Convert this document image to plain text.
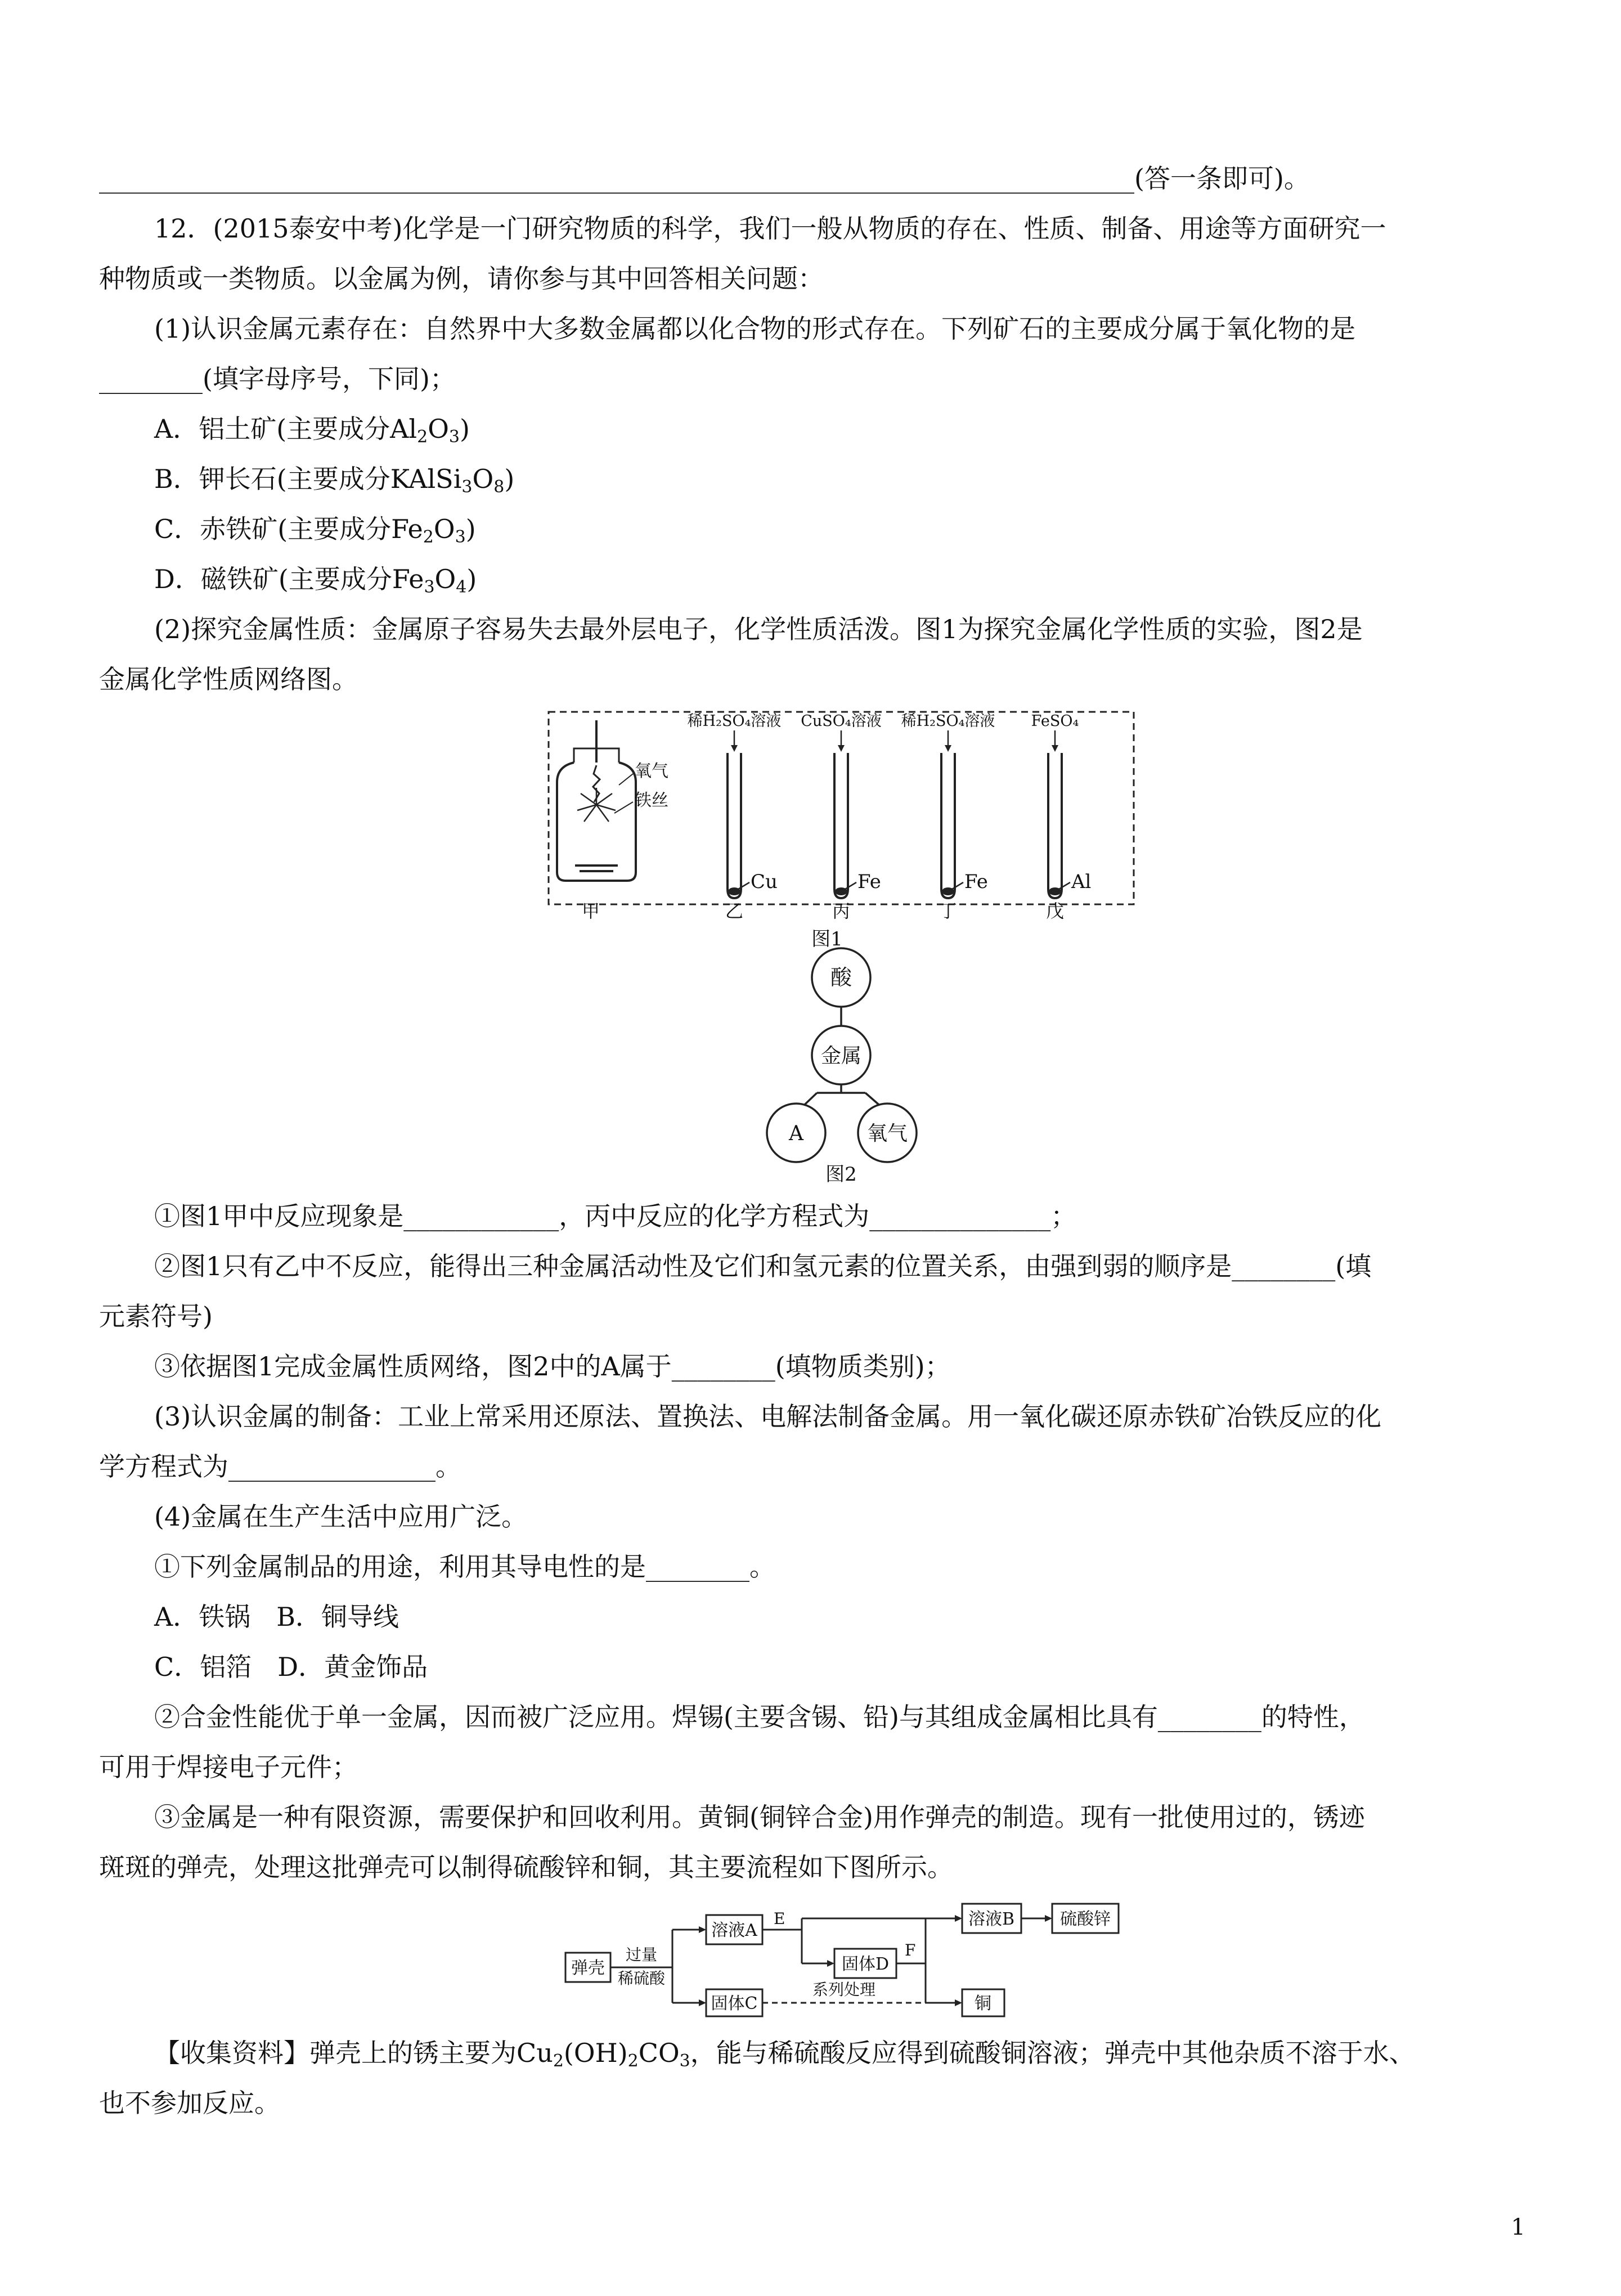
________________________________________________________________________________(答一条即可)。
12．(2015泰安中考)化学是一门研究物质的科学，我们一般从物质的存在、性质、制备、用途等方面研究一
种物质或一类物质。以金属为例，请你参与其中回答相关问题：
(1)认识金属元素存在：自然界中大多数金属都以化合物的形式存在。下列矿石的主要成分属于氧化物的是
________(填字母序号，下同)；
A．铝土矿(主要成分$Al_2O_3$)
B．钾长石(主要成分$KAlSi_3O_8$)
C．赤铁矿(主要成分$Fe_2O_3$)
D．磁铁矿(主要成分$Fe_3O_4$)
(2)探究金属性质：金属原子容易失去最外层电子，化学性质活泼。图1为探究金属化学性质的实验，图2是
金属化学性质网络图。
氧气
铁丝
稀H₂SO₄溶液 CuSO₄溶液 稀H₂SO₄溶液 FeSO₄
Cu	Fe	Fe	Al
甲	乙	丙	丁	戊
图1
酸
金属
A	氧气
图2
①图1甲中反应现象是____________，丙中反应的化学方程式为______________；
②图1只有乙中不反应，能得出三种金属活动性及它们和氢元素的位置关系，由强到弱的顺序是________(填
元素符号)
③依据图1完成金属性质网络，图2中的A属于________(填物质类别)；
(3)认识金属的制备：工业上常采用还原法、置换法、电解法制备金属。用一氧化碳还原赤铁矿冶铁反应的化
学方程式为________________。
(4)金属在生产生活中应用广泛。
①下列金属制品的用途，利用其导电性的是________。
A．铁锅　B．铜导线
C．铝箔　D．黄金饰品
②合金性能优于单一金属，因而被广泛应用。焊锡(主要含锡、铅)与其组成金属相比具有________的特性，
可用于焊接电子元件；
③金属是一种有限资源，需要保护和回收利用。黄铜(铜锌合金)用作弹壳的制造。现有一批使用过的，锈迹
斑斑的弹壳，处理这批弹壳可以制得硫酸锌和铜，其主要流程如下图所示。
弹壳
过量
稀硫酸
溶液A
E
固体D
F
溶液B	硫酸锌
固体C
系列处理
铜
【收集资料】弹壳上的锈主要为$Cu_2(OH)_2CO_3$，能与稀硫酸反应得到硫酸铜溶液；弹壳中其他杂质不溶于水、
也不参加反应。
1
